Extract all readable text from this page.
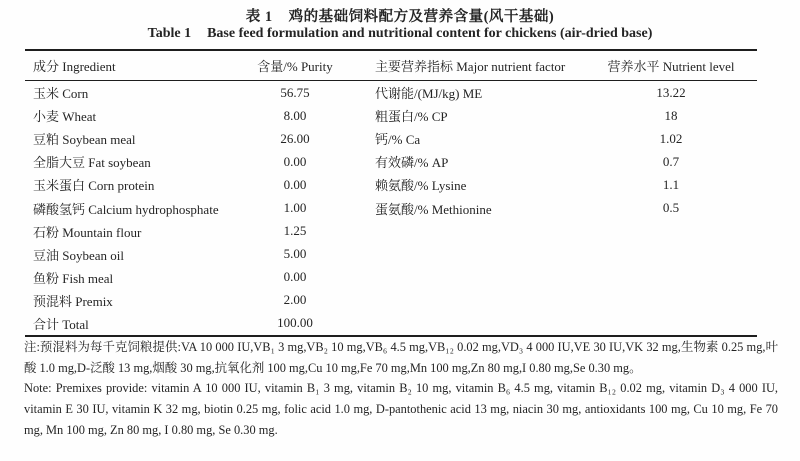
表 1 鸡的基础饲料配方及营养含量(风干基础)
Table 1 Base feed formulation and nutritional content for chickens (air-dried base)
成分 Ingredient	含量/% Purity	主要营养指标 Major nutrient factor	营养水平 Nutrient level
玉米 Corn	56.75	代谢能/(MJ/kg) ME	13.22
小麦 Wheat	8.00	粗蛋白/% CP	18
豆粕 Soybean meal	26.00	钙/% Ca	1.02
全脂大豆 Fat soybean	0.00	有效磷/% AP	0.7
玉米蛋白 Corn protein	0.00	赖氨酸/% Lysine	1.1
磷酸氢钙 Calcium hydrophosphate	1.00	蛋氨酸/% Methionine	0.5
石粉 Mountain flour	1.25
豆油 Soybean oil	5.00
鱼粉 Fish meal	0.00
预混料 Premix	2.00
合计 Total	100.00

注:预混料为每千克饲粮提供:VA 10 000 IU,VB₁ 3 mg,VB₂ 10 mg,VB₆ 4.5 mg,VB₁₂ 0.02 mg,VD₃ 4 000 IU,VE 30 IU,VK 32 mg,生物素 0.25 mg,叶酸 1.0 mg,D-泛酸 13 mg,烟酸 30 mg,抗氧化剂 100 mg,Cu 10 mg,Fe 70 mg,Mn 100 mg,Zn 80 mg,I 0.80 mg,Se 0.30 mg。

Note: Premixes provide: vitamin A 10 000 IU, vitamin B₁ 3 mg, vitamin B₂ 10 mg, vitamin B₆ 4.5 mg, vitamin B₁₂ 0.02 mg, vitamin D₃ 4 000 IU, vitamin E 30 IU, vitamin K 32 mg, biotin 0.25 mg, folic acid 1.0 mg, D-pantothenic acid 13 mg, niacin 30 mg, antioxidants 100 mg, Cu 10 mg, Fe 70 mg, Mn 100 mg, Zn 80 mg, I 0.80 mg, Se 0.30 mg.
